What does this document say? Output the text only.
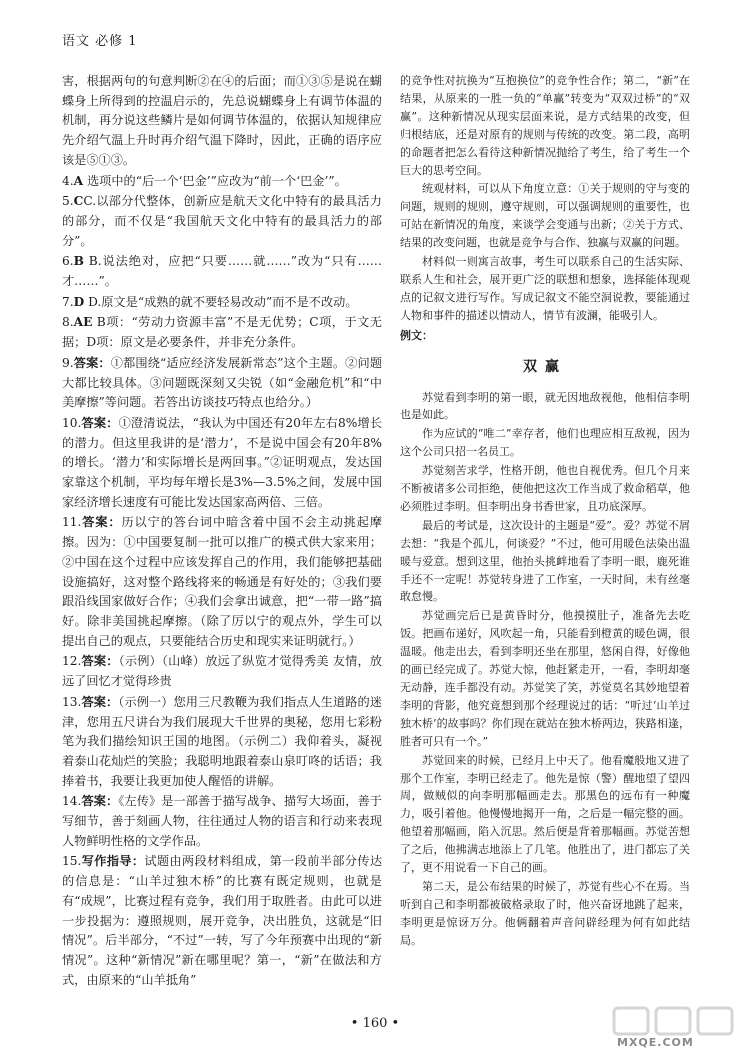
语文 必修 1
害，根据两句的句意判断②在④的后面；而①③⑤是说在蝴蝶身上所得到的控温启示的，先总说蝴蝶身上有调节体温的机制，再分说这些鳞片是如何调节体温的，依据认知规律应先介绍气温上升时再介绍气温下降时，因此，正确的语序应该是⑤①③。
4.A 选项中的“后一个‘巴金’”应改为“前一个‘巴金’”。
5.CC.以部分代整体，创新应是航天文化中特有的最具活力的部分，而不仅是“我国航天文化中特有的最具活力的部分”。
6.B B.说法绝对，应把“只要……就……”改为“只有……才……”。
7.D D.原文是“成熟的就不要轻易改动”而不是不改动。
8.AE B项：“劳动力资源丰富”不是无优势；C项，于文无据；D项：原文是必要条件，并非充分条件。
9.答案：①都围绕“适应经济发展新常态”这个主题。②问题大都比较具体。③问题既深刻又尖锐（如“金融危机”和“中美摩擦”等问题。若答出访谈技巧特点也给分。）
10.答案：①澄清说法，“我认为中国还有20年左右8%增长的潜力。但这里我讲的是‘潜力’，不是说中国会有20年8%的增长。‘潜力’和实际增长是两回事。”②证明观点，发达国家靠这个机制，平均每年增长是3%—3.5%之间，发展中国家经济增长速度有可能比发达国家高两倍、三倍。
11.答案：历以宁的答台词中暗含着中国不会主动挑起摩擦。因为：①中国要复制一批可以推广的模式供大家来用；②中国在这个过程中应该发挥自己的作用，我们能够把基础设施搞好，这对整个路线将来的畅通是有好处的；③我们要跟沿线国家做好合作；④我们会拿出诚意，把“一带一路”搞好。除非美国挑起摩擦。（除了厉以宁的观点外，学生可以提出自己的观点，只要能结合历史和现实来证明就行。）
12.答案：（示例）（山峰）放远了纵览才觉得秀美 友情，放远了回忆才觉得珍贵
13.答案：（示例一）您用三尺教鞭为我们指点人生道路的迷津，您用五尺讲台为我们展现大千世界的奥秘，您用七彩粉笔为我们描绘知识王国的地图。（示例二）我仰着头，凝视着泰山花灿烂的笑脸；我聪明地跟着泰山泉叮咚的话语；我捧着书，我要让我更加使人醒悟的讲解。
14.答案：《左传》是一部善于描写战争、描写大场面，善于写细节，善于刻画人物，往往通过人物的语言和行动来表现人物鲜明性格的文学作品。
15.写作指导：试题由两段材料组成，第一段前半部分传达的信息是：“山羊过独木桥”的比赛有既定规则，也就是有“成规”，比赛过程有竞争，我们用于取胜者。由此可以进一步投据为：遵照规则，展开竞争，决出胜负，这就是“旧情况”。后半部分，“不过”一转，写了今年预赛中出现的“新情况”。这种“新情况”新在哪里呢？第一，“新”在做法和方式，由原来的“山羊抵角”
的竞争性对抗换为“互抱换位”的竞争性合作；第二，“新”在结果，从原来的一胜一负的“单赢”转变为“双双过桥”的“双赢”。这种新情况从现实层面来说，是方式结果的改变，但归根结底，还是对原有的规则与传统的改变。第二段，高明的命题者把怎么看待这种新情况抛给了考生，给了考生一个巨大的思考空间。
统观材料，可以从下角度立意：①关于规则的守与变的问题，规则的规则，遵守规则，可以强调规则的重要性，也可站在新情况的角度，来谈学会变通与出新；②关于方式、结果的改变问题，也就是竞争与合作、独赢与双赢的问题。
材料似一则寓言故事，考生可以联系自己的生活实际、联系人生和社会，展开更广泛的联想和想象，选择能体现观点的记叙文进行写作。写成记叙文不能空洞说教，要能通过人物和事件的描述以情动人，情节有波澜，能吸引人。
例文：
双赢
苏觉看到李明的第一眼，就无因地敌视他，他相信李明也是如此。
作为应试的“唯二”幸存者，他们也理应相互敌视，因为这个公司只招一名员工。
苏觉刻苦求学，性格开朗，他也自视优秀。但几个月来不断被诸多公司拒绝，使他把这次工作当成了救命稻草，他必须胜过李明。但李明出身书香世家，且功底深厚。
最后的考试是，这次设计的主题是“爱”。爱？苏觉不屑去想：“我是个孤儿，何谈爱？”不过，他可用暖色法染出温暖与爱意。想到这里，他抬头挑衅地看了李明一眼，鹿死谁手还不一定呢！苏觉转身进了工作室，一天时间，未有丝毫敢怠慢。
苏觉画完后已是黄昏时分，他摸摸肚子，准备先去吃饭。把画布递好，风吹起一角，只能看到橙黄的暖色调，很温暖。他走出去，看到李明还坐在那里，悠闲自得，好像他的画已经完成了。苏觉大惊，他赶紧走开，一看，李明却毫无动静，连手都没有动。苏觉笑了笑，苏觉莫名其妙地望着李明的背影，他究竟想到那个经理说过的话：“听过‘山羊过独木桥’的故事吗？你们现在就站在独木桥两边，狭路相逢，胜者可只有一个。”
苏觉回来的时候，已经月上中天了。他看魔般地又进了那个工作室，李明已经走了。他先是惊（警）醒地望了望四周，做贼似的向李明那幅画走去。那黑色的远布有一种魔力，吸引着他。他慢慢地揭开一角，之后是一幅完整的画。他望着那幅画，陷入沉思。然后便是背着那幅画。苏觉苦想了之后，他拂满志地添上了几笔。他胜出了，进门都忘了关了，更不用说看一下自己的画。
第二天，是公布结果的时候了，苏觉有些心不在焉。当听到自己和李明都被破格录取了时，他兴奋讶地跳了起来，李明更是惊讶万分。他俩翻着声音问辟经理为何有如此结局。
• 160 •
MXQE.COM
